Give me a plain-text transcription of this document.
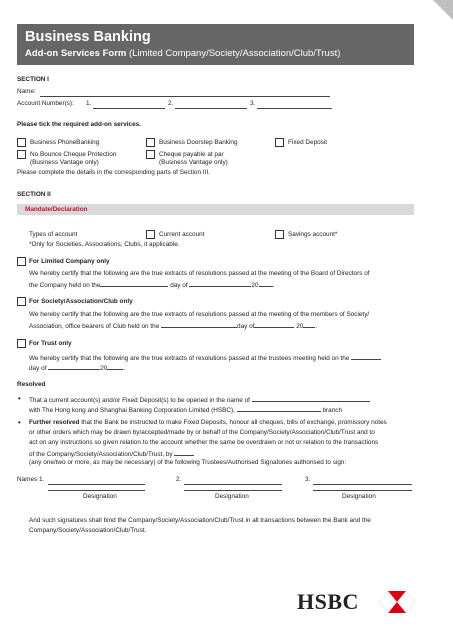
Business Banking
Add-on Services Form (Limited Company/Society/Association/Club/Trust)
SECTION I
Name:
Account Number(s): 1.	2.	3.
Please tick the required add-on services.
Business PhoneBanking	Business Doorstep Banking	Fixed Deposit
No Bounce Cheque Protection
(Business Vantage only)
Cheque payable at par
(Business Vantage only)
Please complete the details in the corresponding parts of Section III.
SECTION II
Mandate/Declaration
Types of account	Current account	Savings account*
*Only for Societies, Associations, Clubs, it applicable.
For Limited Company only
We hereby certify that the following are the true extracts of resolutions passed at the meeting of the Board of Directors of
the Company held on the	day of	20 .
For Society/Association/Club only
We hereby certify that the following are the true extracts of resolutions passed at the meeting of the members of Society/
Association, office bearers of Club held on the	day of	20 .
For Trust only
We hereby certify that the following are the true extracts of resolutions passed at the trustees meeting held on the
day of	20	.
Resolved
• That a current account(s) and/or Fixed Deposit(s) to be opened in the name of
with The Hong kong and Shanghai Banking Corporation Limited (HSBC),	branch
• Further resolved that the Bank be instructed to make Fixed Deposits, honour all cheques, bills of exchange, promissory notes
or other orders which may be drawn by/accepted/made by or behalf of the Company/Society/Association/Club/Trust and to
act on any instructions so given relation to the account whether the same be overdrawn or not or relation to the transactions
of the Company/Society/Association/Club/Trust, by
(any one/two or more, as may be necessary) of the following Trustees/Authorised Signatories authorised to sign:
Names 1.	2.	3.
Designation	Designation	Designation
And such signatures shall bind the Company/Society/Association/Club/Trust in all transactions between the Bank and the
Company/Society/Association/Club/Trust.
HSBC
